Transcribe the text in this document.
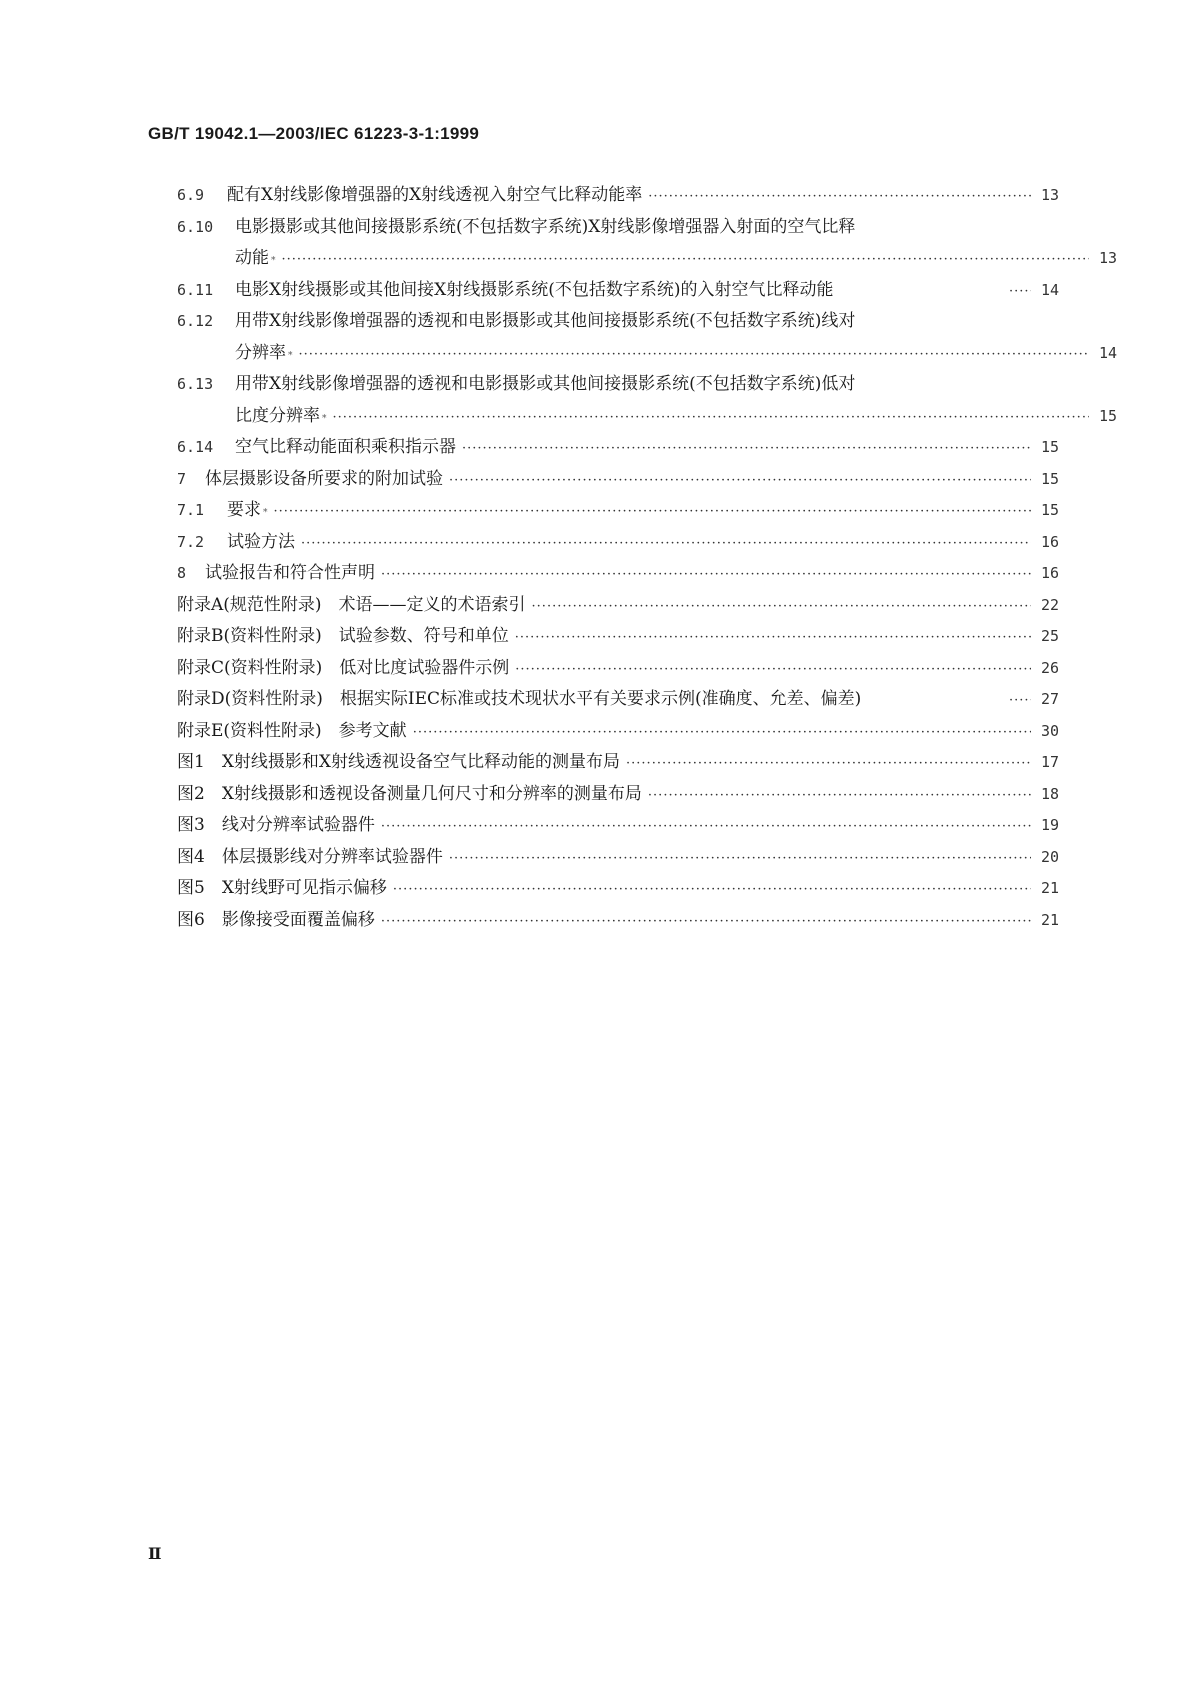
GB/T 19042.1—2003/IEC 61223-3-1:1999
6.9	配有X射线影像增强器的X射线透视入射空气比释动能率 ·····	13
6.10	电影摄影或其他间接摄影系统(不包括数字系统)X射线影像增强器入射面的空气比释
动能 * ·····	13
6.11	电影X射线摄影或其他间接X射线摄影系统(不包括数字系统)的入射空气比释动能 ·····	14
6.12	用带X射线影像增强器的透视和电影摄影或其他间接摄影系统(不包括数字系统)线对
分辨率 * ·····	14
6.13	用带X射线影像增强器的透视和电影摄影或其他间接摄影系统(不包括数字系统)低对
比度分辨率 * ·····	15
6.14	空气比释动能面积乘积指示器 ·····	15
7	体层摄影设备所要求的附加试验 ·····	15
7.1	要求 * ·····	15
7.2	试验方法 ·····	16
8	试验报告和符合性声明 ·····	16
附录A(规范性附录)　术语——定义的术语索引 ·····	22
附录B(资料性附录)　试验参数、符号和单位 ·····	25
附录C(资料性附录)　低对比度试验器件示例 ·····	26
附录D(资料性附录)　根据实际IEC标准或技术现状水平有关要求示例(准确度、允差、偏差) ·····	27
附录E(资料性附录)　参考文献 ·····	30
图1　X射线摄影和X射线透视设备空气比释动能的测量布局 ·····	17
图2　X射线摄影和透视设备测量几何尺寸和分辨率的测量布局 ·····	18
图3　线对分辨率试验器件 ·····	19
图4　体层摄影线对分辨率试验器件 ·····	20
图5　X射线野可见指示偏移 ·····	21
图6　影像接受面覆盖偏移 ·····	21
Ⅱ
